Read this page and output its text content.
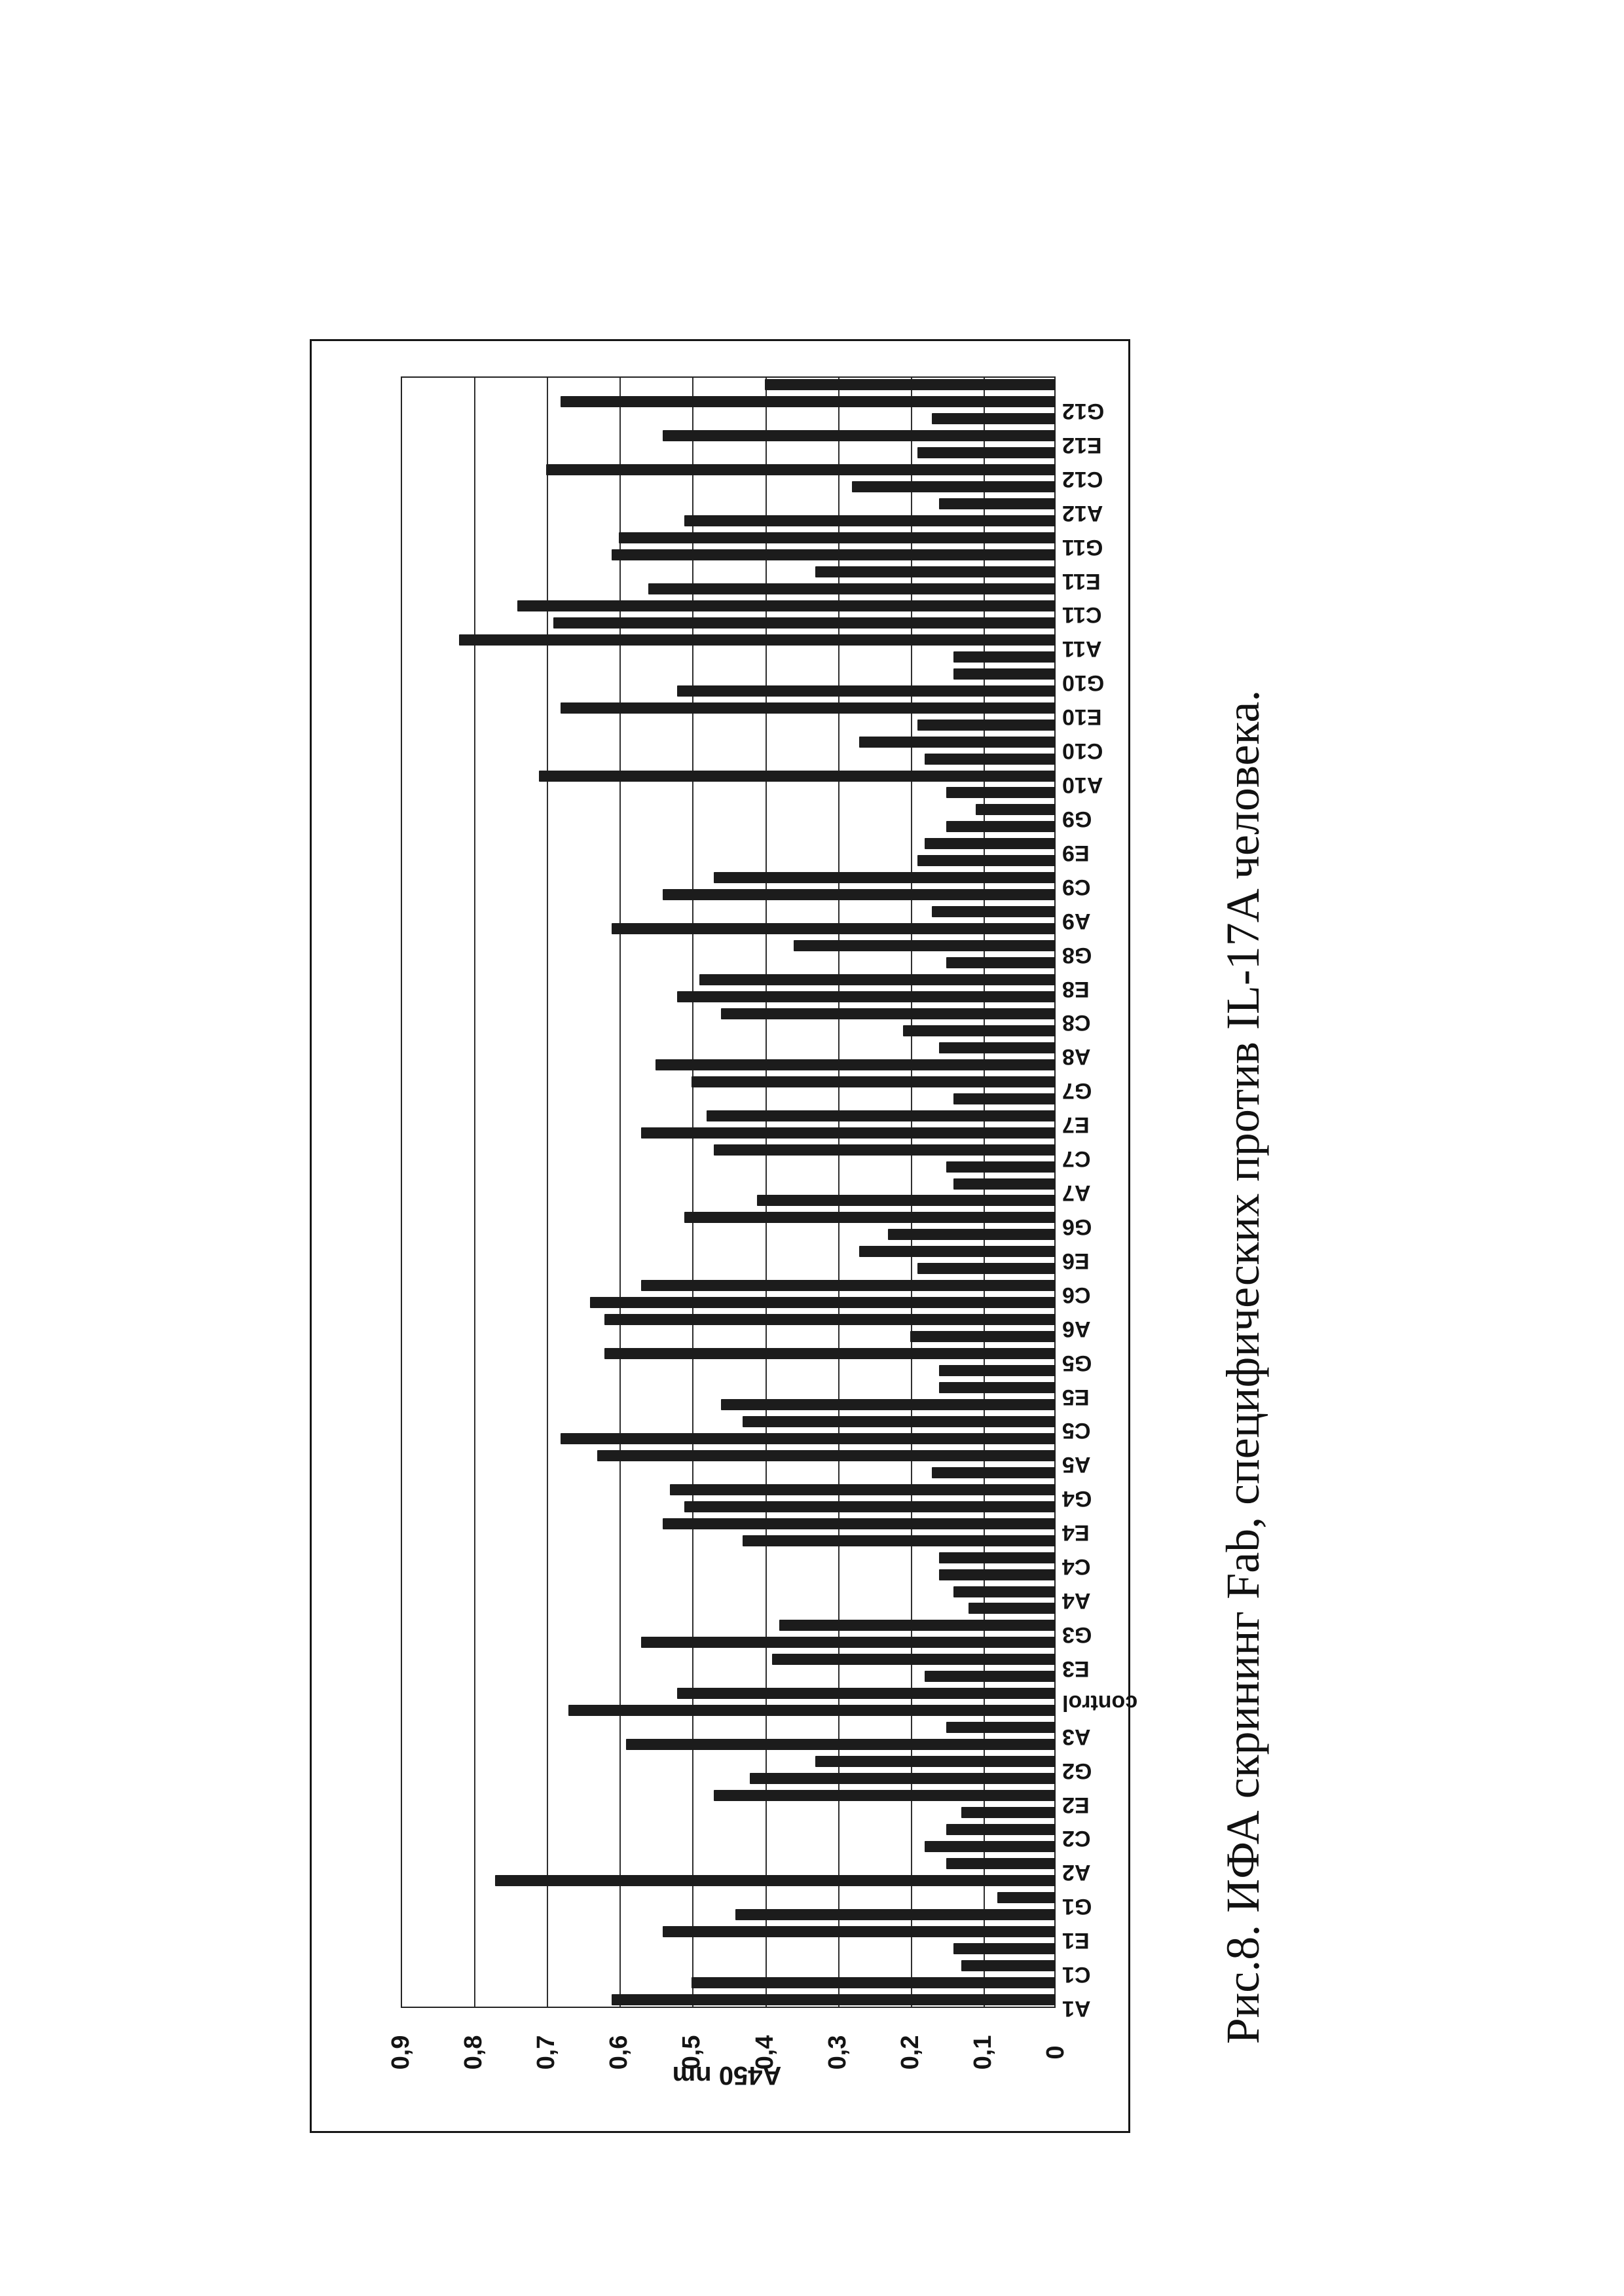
A1
C1
E1
G1
A2
C2
E2
G2
A3
control
E3
G3
A4
C4
E4
G4
A5
C5
E5
G5
A6
C6
E6
G6
A7
C7
E7
G7
A8
C8
E8
G8
A9
C9
E9
G9
A10
C10
E10
G10
A11
C11
E11
G11
A12
C12
E12
G12
0,9	0,8	0,7	0,6	0,5	0,4	0,3	0,2	0,1	0
A450 nm
Рис.8. ИФА скрининг Fab, специфических против IL-17A человека.
